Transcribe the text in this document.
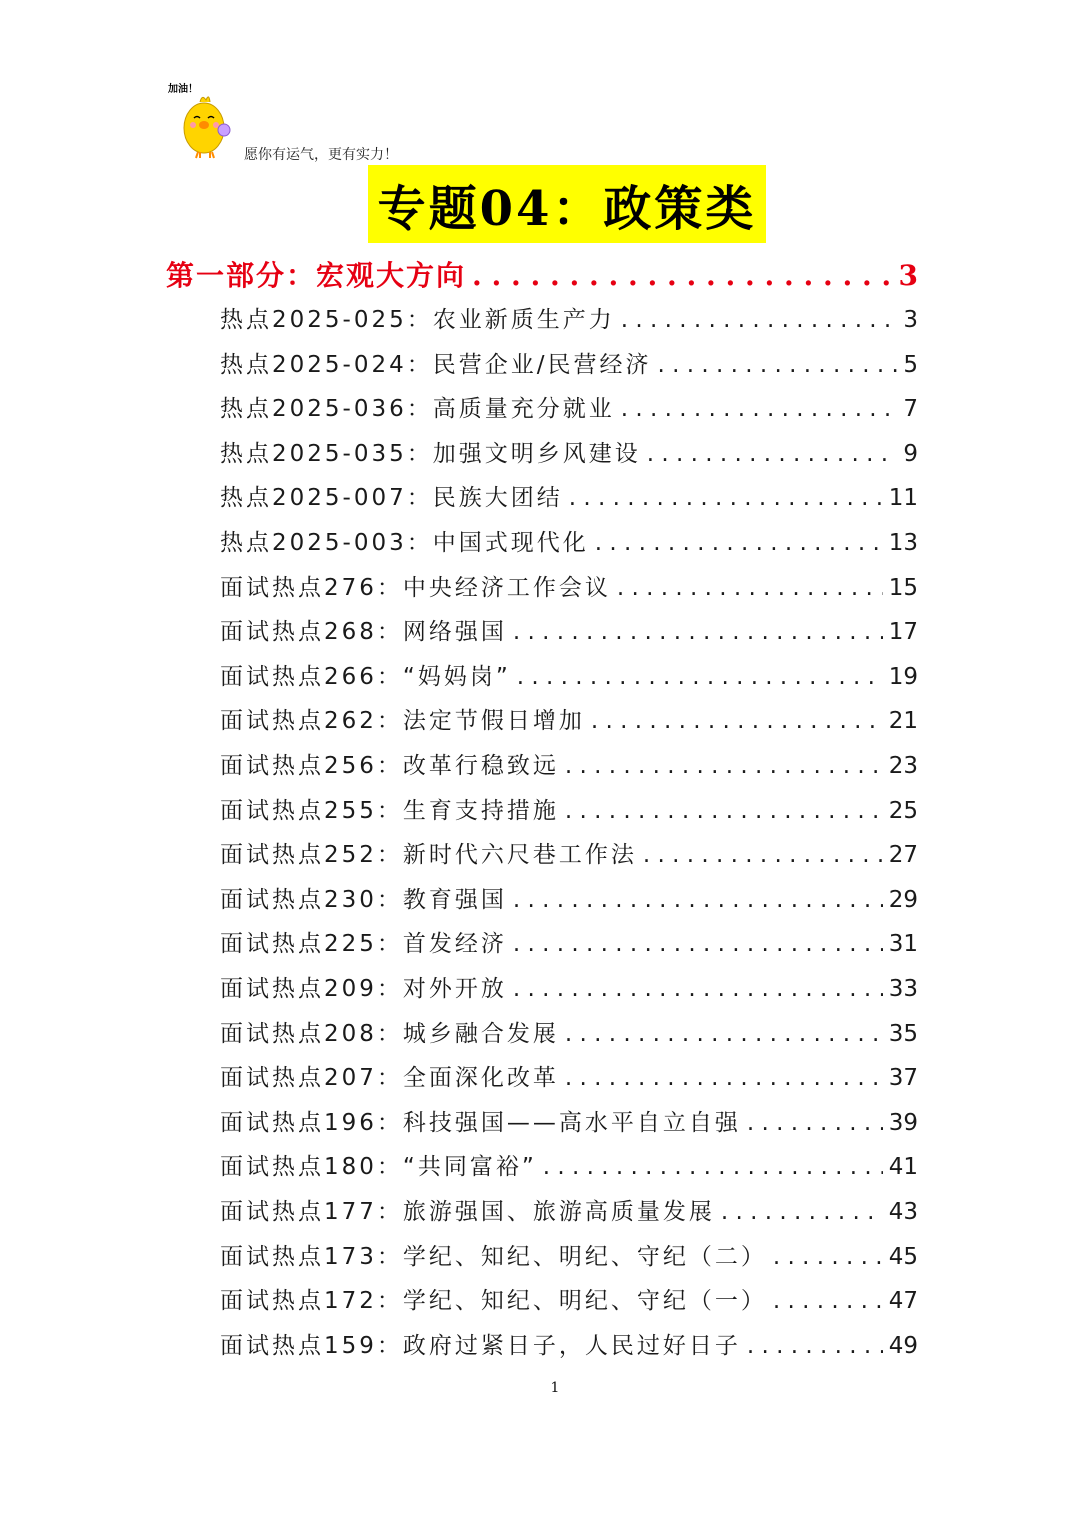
加油！
愿你有运气，更有实力！
专题04：政策类
第一部分：宏观大方向 . . .	3
热点2025-025：农业新质生产力 . . .	3
热点2025-024：民营企业/民营经济 . . .	5
热点2025-036：高质量充分就业 . . .	7
热点2025-035：加强文明乡风建设 . . .	9
热点2025-007：民族大团结 . . .	11
热点2025-003：中国式现代化 . . .	13
面试热点276：中央经济工作会议 . . .	15
面试热点268：网络强国 . . .	17
面试热点266：“妈妈岗” . . .	19
面试热点262：法定节假日增加 . . .	21
面试热点256：改革行稳致远 . . .	23
面试热点255：生育支持措施 . . .	25
面试热点252：新时代六尺巷工作法 . . .	27
面试热点230：教育强国 . . .	29
面试热点225：首发经济 . . .	31
面试热点209：对外开放 . . .	33
面试热点208：城乡融合发展 . . .	35
面试热点207：全面深化改革 . . .	37
面试热点196：科技强国——高水平自立自强 . . .	39
面试热点180：“共同富裕” . . .	41
面试热点177：旅游强国、旅游高质量发展 . . .	43
面试热点173：学纪、知纪、明纪、守纪（二） . . .	45
面试热点172：学纪、知纪、明纪、守纪（一） . . .	47
面试热点159：政府过紧日子，人民过好日子 . . .	49
1
